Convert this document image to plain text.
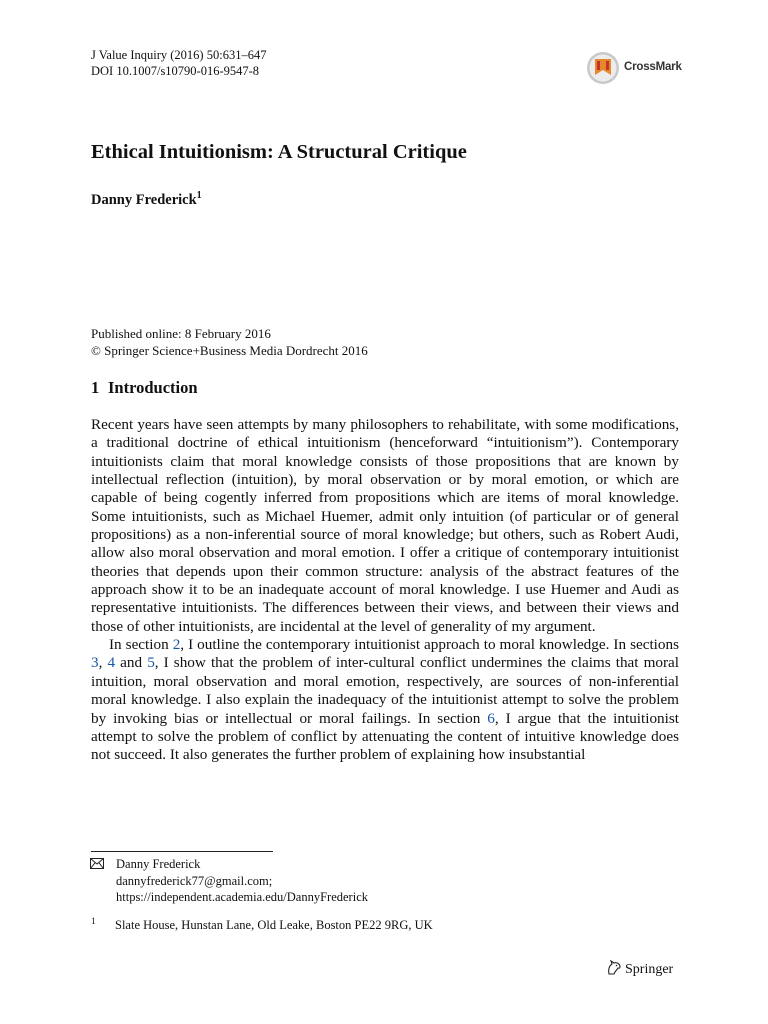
J Value Inquiry (2016) 50:631–647
DOI 10.1007/s10790-016-9547-8	CrossMark
Ethical Intuitionism: A Structural Critique
Danny Frederick$^1$
Published online: 8 February 2016
© Springer Science+Business Media Dordrecht 2016
1 Introduction

Recent years have seen attempts by many philosophers to rehabilitate, with some modifications, a traditional doctrine of ethical intuitionism (henceforward “intuitionism”). Contemporary intuitionists claim that moral knowledge consists of those propositions that are known by intellectual reflection (intuition), by moral observation or by moral emotion, or which are capable of being cogently inferred from propositions which are items of moral knowledge. Some intuitionists, such as Michael Huemer, admit only intuition (of particular or of general propositions) as a non-inferential source of moral knowledge; but others, such as Robert Audi, allow also moral observation and moral emotion. I offer a critique of contemporary intuitionist theories that depends upon their common structure: analysis of the abstract features of the approach show it to be an inadequate account of moral knowledge. I use Huemer and Audi as representative intuitionists. The differences between their views, and between their views and those of other intuitionists, are incidental at the level of generality of my argument.

In section 2, I outline the contemporary intuitionist approach to moral knowledge. In sections 3, 4 and 5, I show that the problem of inter-cultural conflict undermines the claims that moral intuition, moral observation and moral emotion, respectively, are sources of non-inferential moral knowledge. I also explain the inadequacy of the intuitionist attempt to solve the problem by invoking bias or intellectual or moral failings. In section 6, I argue that the intuitionist attempt to solve the problem of conflict by attenuating the content of intuitive knowledge does not succeed. It also generates the further problem of explaining how insubstantial

Danny Frederick
dannyfrederick77@gmail.com;
https://independent.academia.edu/DannyFrederick
1 Slate House, Hunstan Lane, Old Leake, Boston PE22 9RG, UK
Springer
